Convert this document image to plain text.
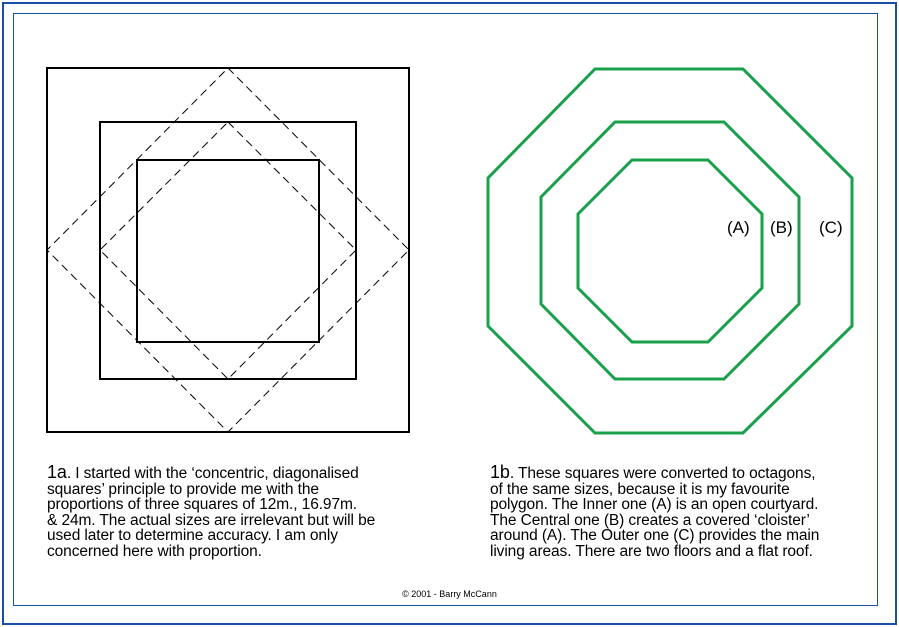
(A) (B) (C)
1a. I started with the ‘concentric, diagonalised
squares’ principle to provide me with the
proportions of three squares of 12m., 16.97m.
& 24m. The actual sizes are irrelevant but will be
used later to determine accuracy. I am only
concerned here with proportion.
1b. These squares were converted to octagons,
of the same sizes, because it is my favourite
polygon. The Inner one (A) is an open courtyard.
The Central one (B) creates a covered ‘cloister’
around (A). The Outer one (C) provides the main
living areas. There are two floors and a flat roof.
© 2001 - Barry McCann
